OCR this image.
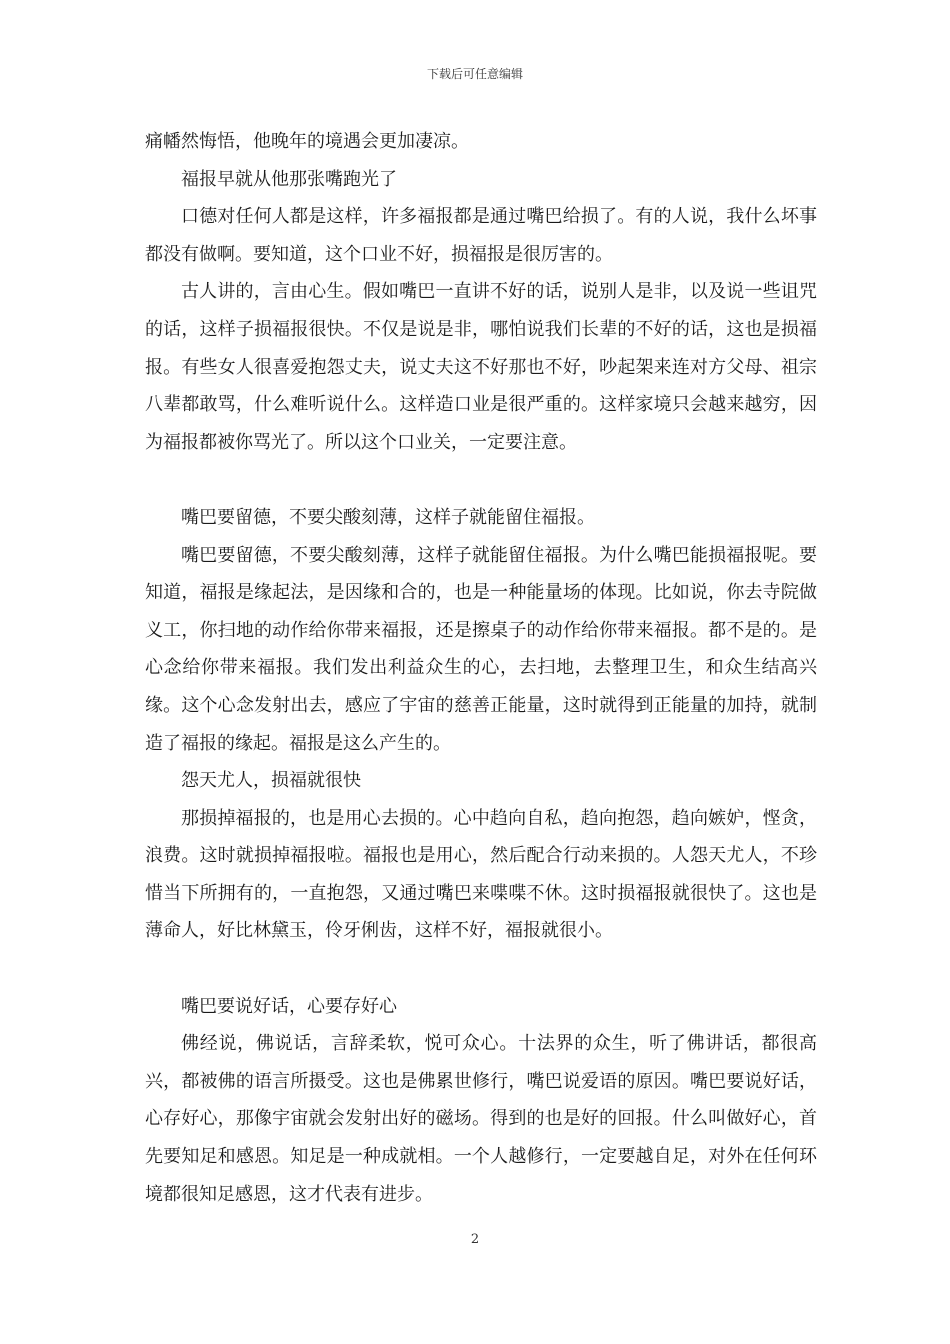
下载后可任意编辑

痛幡然悔悟，他晚年的境遇会更加凄凉。

福报早就从他那张嘴跑光了

口德对任何人都是这样，许多福报都是通过嘴巴给损了。有的人说，我什么坏事都没有做啊。要知道，这个口业不好，损福报是很厉害的。

古人讲的，言由心生。假如嘴巴一直讲不好的话，说别人是非，以及说一些诅咒的话，这样子损福报很快。不仅是说是非，哪怕说我们长辈的不好的话，这也是损福报。有些女人很喜爱抱怨丈夫，说丈夫这不好那也不好，吵起架来连对方父母、祖宗八辈都敢骂，什么难听说什么。这样造口业是很严重的。这样家境只会越来越穷，因为福报都被你骂光了。所以这个口业关，一定要注意。

嘴巴要留德，不要尖酸刻薄，这样子就能留住福报。

嘴巴要留德，不要尖酸刻薄，这样子就能留住福报。为什么嘴巴能损福报呢。要知道，福报是缘起法，是因缘和合的，也是一种能量场的体现。比如说，你去寺院做义工，你扫地的动作给你带来福报，还是擦桌子的动作给你带来福报。都不是的。是心念给你带来福报。我们发出利益众生的心，去扫地，去整理卫生，和众生结高兴缘。这个心念发射出去，感应了宇宙的慈善正能量，这时就得到正能量的加持，就制造了福报的缘起。福报是这么产生的。

怨天尤人，损福就很快

那损掉福报的，也是用心去损的。心中趋向自私，趋向抱怨，趋向嫉妒，悭贪，浪费。这时就损掉福报啦。福报也是用心，然后配合行动来损的。人怨天尤人，不珍惜当下所拥有的，一直抱怨，又通过嘴巴来喋喋不休。这时损福报就很快了。这也是薄命人，好比林黛玉，伶牙俐齿，这样不好，福报就很小。

嘴巴要说好话，心要存好心

佛经说，佛说话，言辞柔软，悦可众心。十法界的众生，听了佛讲话，都很高兴，都被佛的语言所摄受。这也是佛累世修行，嘴巴说爱语的原因。嘴巴要说好话，心存好心，那像宇宙就会发射出好的磁场。得到的也是好的回报。什么叫做好心，首先要知足和感恩。知足是一种成就相。一个人越修行，一定要越自足，对外在任何环境都很知足感恩，这才代表有进步。

2
